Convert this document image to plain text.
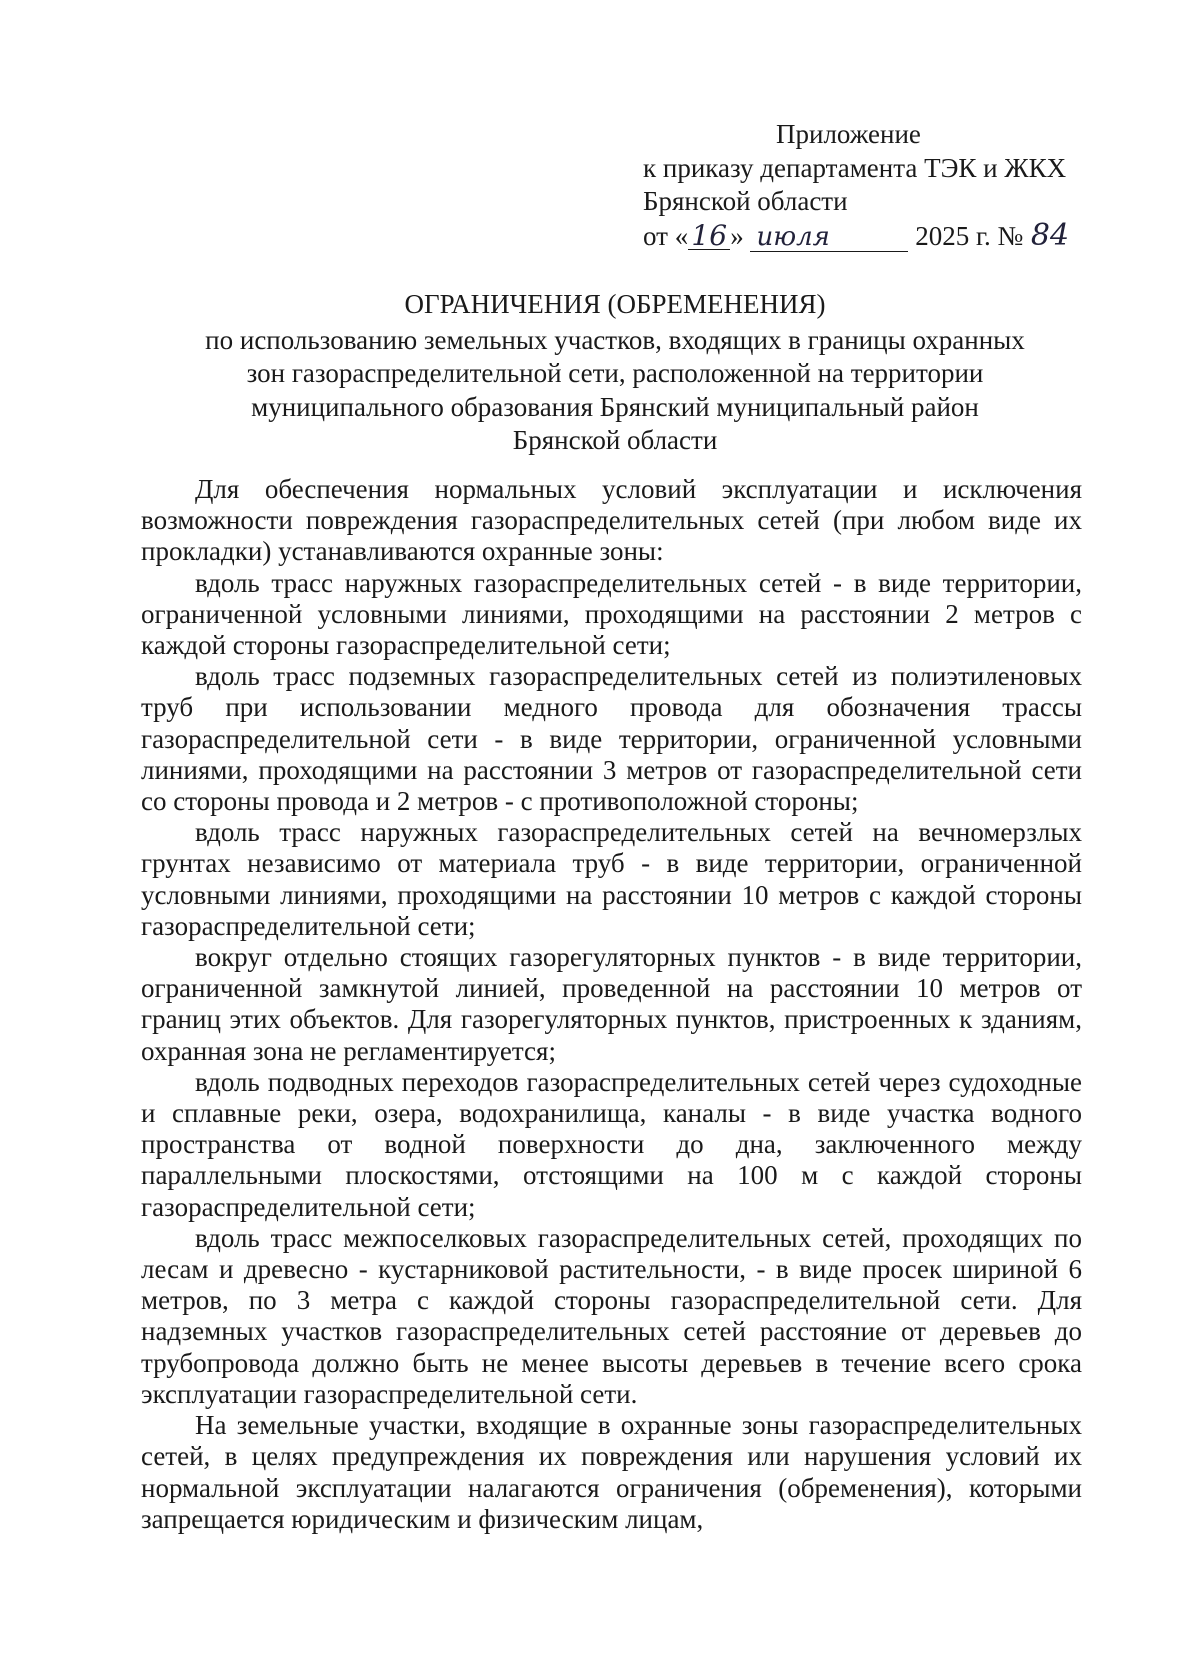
Приложение
к приказу департамента ТЭК и ЖКХ
Брянской области
от « 16 » июля	2025 г. № 84
ОГРАНИЧЕНИЯ (ОБРЕМЕНЕНИЯ)
по использованию земельных участков, входящих в границы охранных
зон газораспределительной сети, расположенной на территории
муниципального образования Брянский муниципальный район
Брянской области

Для обеспечения нормальных условий эксплуатации и исключения возможности повреждения газораспределительных сетей (при любом виде их прокладки) устанавливаются охранные зоны:

вдоль трасс наружных газораспределительных сетей - в виде территории, ограниченной условными линиями, проходящими на расстоянии 2 метров с каждой стороны газораспределительной сети;

вдоль трасс подземных газораспределительных сетей из полиэтиленовых труб при использовании медного провода для обозначения трассы газораспределительной сети - в виде территории, ограниченной условными линиями, проходящими на расстоянии 3 метров от газораспределительной сети со стороны провода и 2 метров - с противоположной стороны;

вдоль трасс наружных газораспределительных сетей на вечномерзлых грунтах независимо от материала труб - в виде территории, ограниченной условными линиями, проходящими на расстоянии 10 метров с каждой стороны газораспределительной сети;

вокруг отдельно стоящих газорегуляторных пунктов - в виде территории, ограниченной замкнутой линией, проведенной на расстоянии 10 метров от границ этих объектов. Для газорегуляторных пунктов, пристроенных к зданиям, охранная зона не регламентируется;

вдоль подводных переходов газораспределительных сетей через судоходные и сплавные реки, озера, водохранилища, каналы - в виде участка водного пространства от водной поверхности до дна, заключенного между параллельными плоскостями, отстоящими на 100 м с каждой стороны газораспределительной сети;

вдоль трасс межпоселковых газораспределительных сетей, проходящих по лесам и древесно - кустарниковой растительности, - в виде просек шириной 6 метров, по 3 метра с каждой стороны газораспределительной сети. Для надземных участков газораспределительных сетей расстояние от деревьев до трубопровода должно быть не менее высоты деревьев в течение всего срока эксплуатации газораспределительной сети.

На земельные участки, входящие в охранные зоны газораспределительных сетей, в целях предупреждения их повреждения или нарушения условий их нормальной эксплуатации налагаются ограничения (обременения), которыми запрещается юридическим и физическим лицам,
